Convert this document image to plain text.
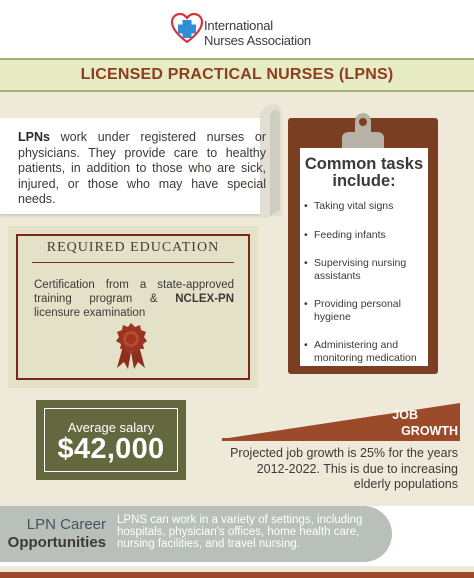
International
Nurses Association
LICENSED PRACTICAL NURSES (LPNS)

LPNs work under registered nurses or physicians. They provide care to healthy patients, in addition to those who are sick, injured, or those who may have special needs.

REQUIRED EDUCATION

Certification from a state-approved training program & NCLEX-PN licensure examination

Common tasks include:
• Taking vital signs
• Feeding infants
• Supervising nursing assistants
• Providing personal hygiene
• Administering and monitoring medication
Average salary
$42,000
JOB
GROWTH

Projected job growth is 25% for the years 2012-2022. This is due to increasing elderly populations

LPN Career
Opportunities

LPNS can work in a variety of settings, including hospitals, physician's offices, home health care, nursing facilities, and travel nursing.
